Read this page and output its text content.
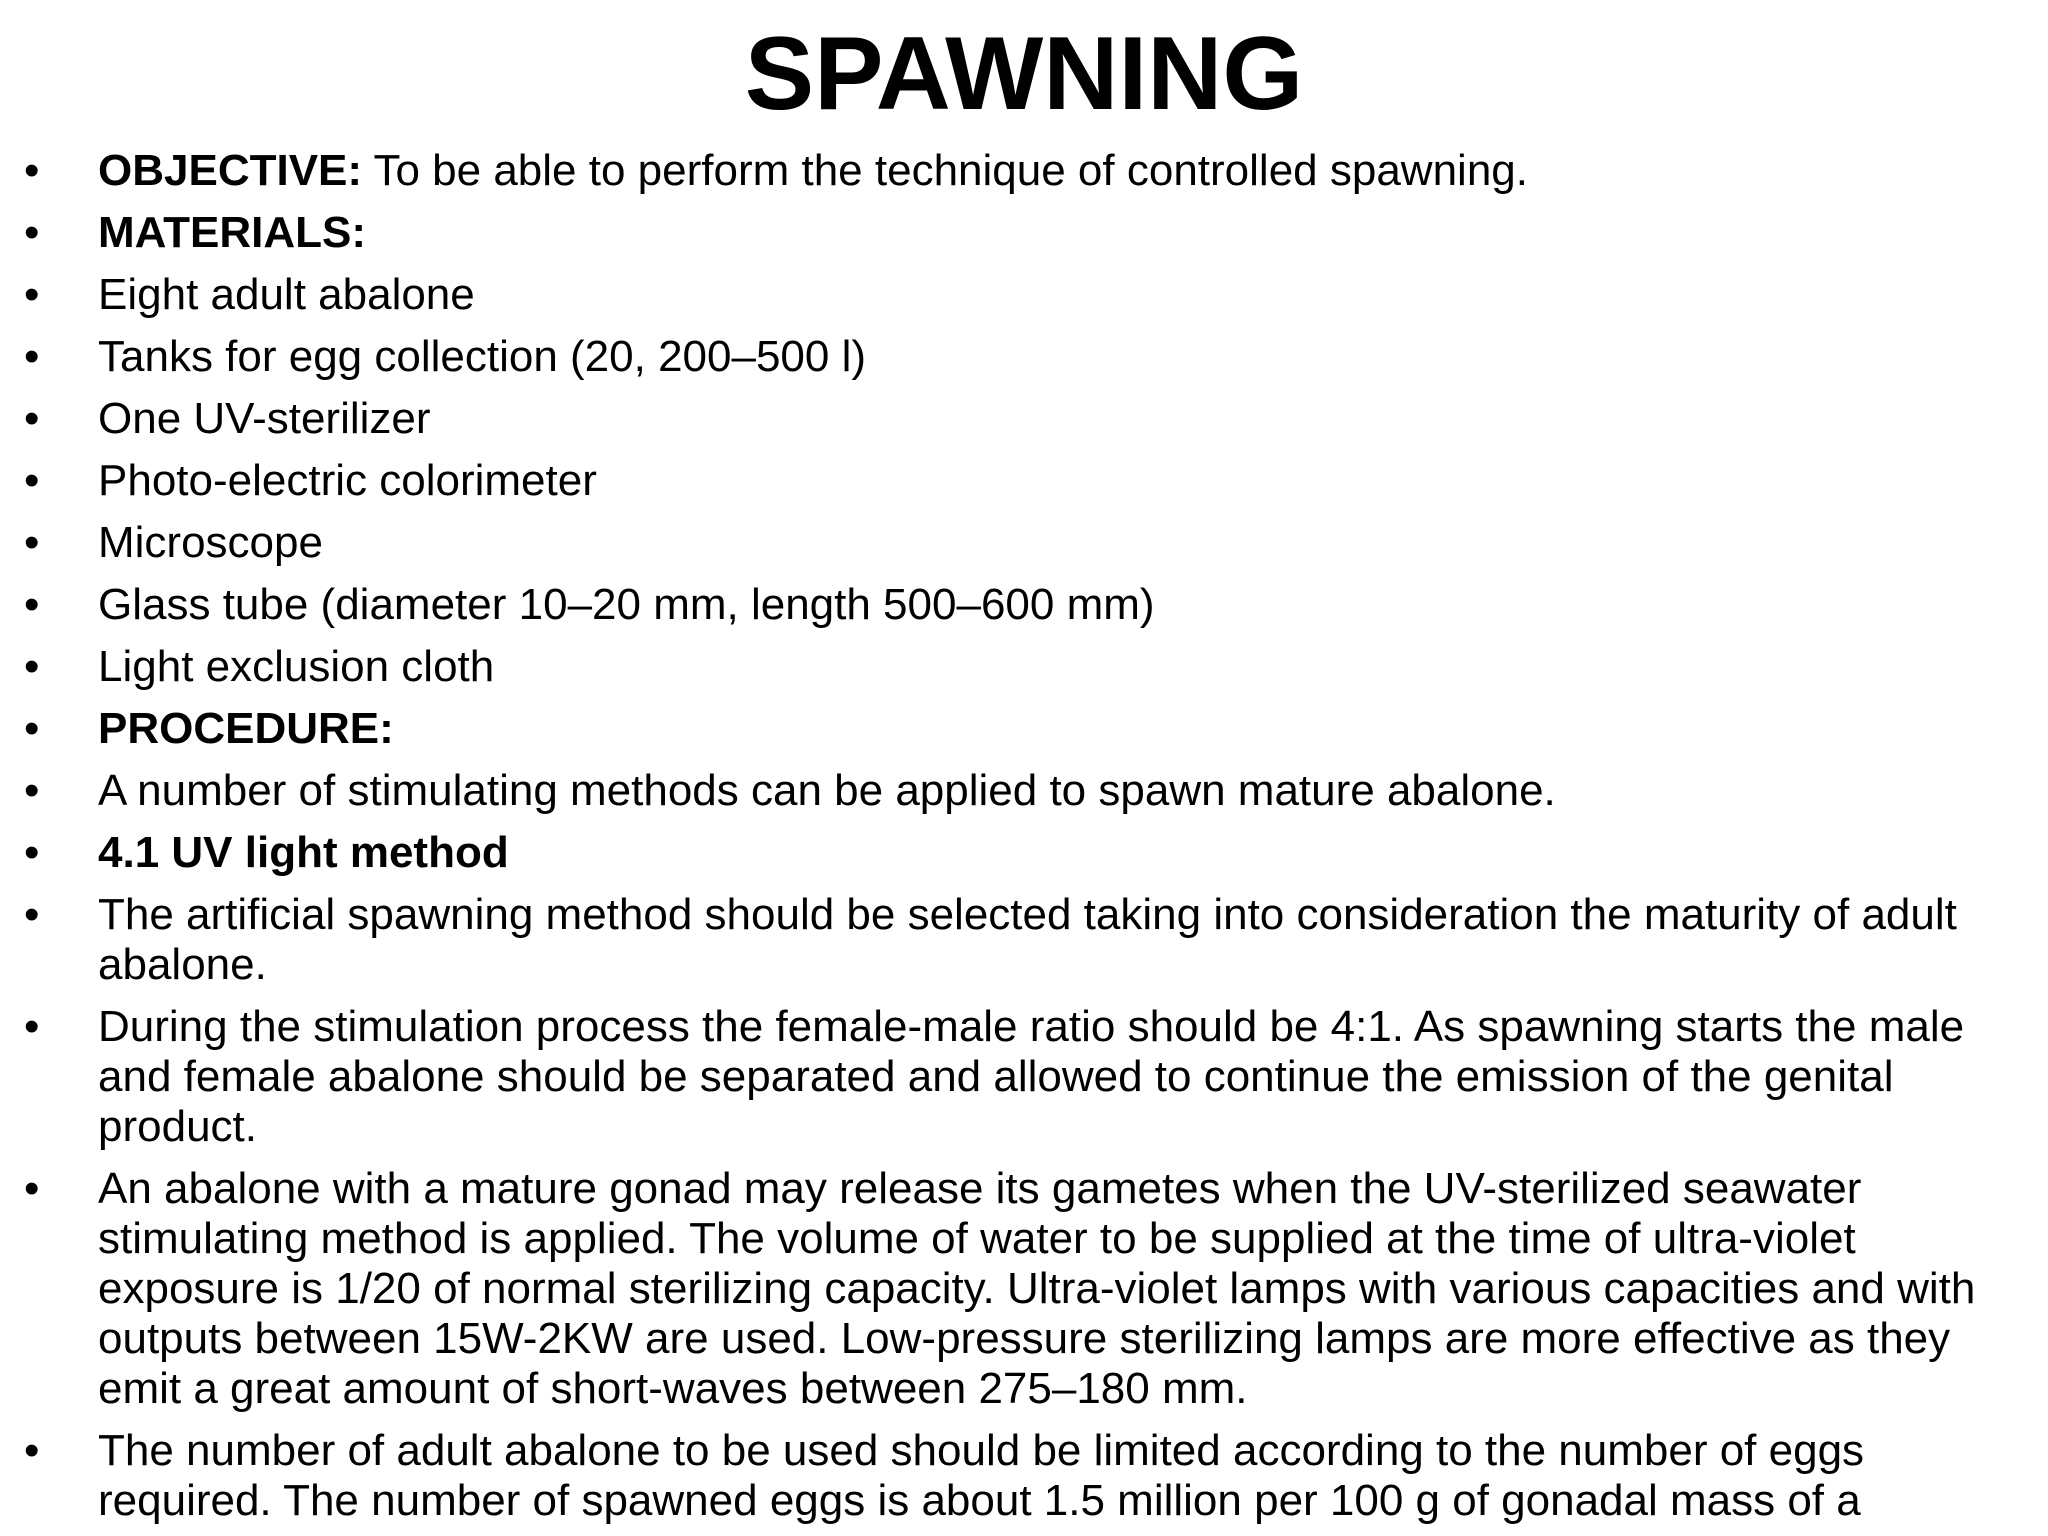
SPAWNING
•	OBJECTIVE: To be able to perform the technique of controlled spawning.
•	MATERIALS:
•	Eight adult abalone
•	Tanks for egg collection (20, 200–500 l)
•	One UV-sterilizer
•	Photo-electric colorimeter
•	Microscope
•	Glass tube (diameter 10–20 mm, length 500–600 mm)
•	Light exclusion cloth
•	PROCEDURE:
•	A number of stimulating methods can be applied to spawn mature abalone.
•	4.1 UV light method
•	The artificial spawning method should be selected taking into consideration the maturity of adult abalone.
•	During the stimulation process the female-male ratio should be 4:1. As spawning starts the male and female abalone should be separated and allowed to continue the emission of the genital product.
•	An abalone with a mature gonad may release its gametes when the UV-sterilized seawater stimulating method is applied. The volume of water to be supplied at the time of ultra-violet exposure is 1/20 of normal sterilizing capacity. Ultra-violet lamps with various capacities and with outputs between 15W-2KW are used. Low-pressure sterilizing lamps are more effective as they emit a great amount of short-waves between 275–180 mm.
•	The number of adult abalone to be used should be limited according to the number of eggs required. The number of spawned eggs is about 1.5 million per 100 g of gonadal mass of a
